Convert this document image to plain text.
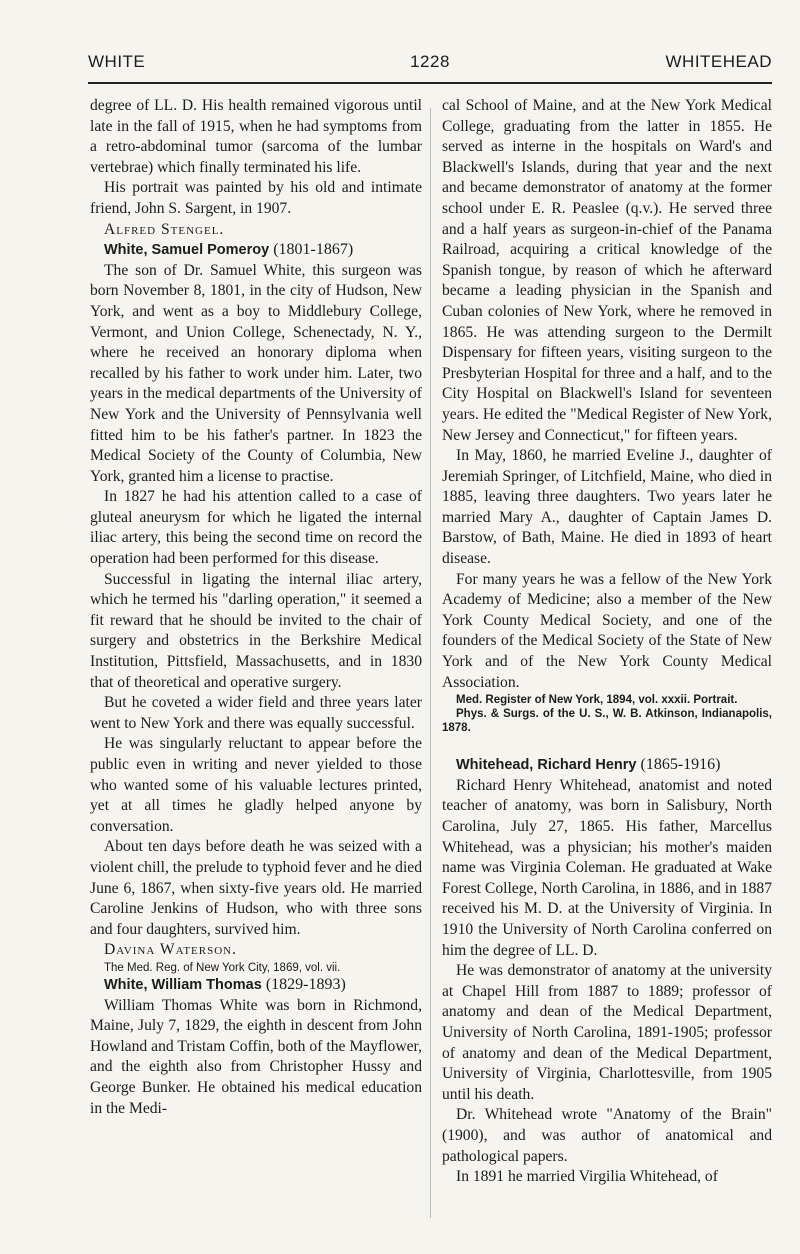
WHITE	1228	WHITEHEAD

degree of LL. D. His health remained vigorous until late in the fall of 1915, when he had symptoms from a retro-abdominal tumor (sarcoma of the lumbar vertebrae) which finally terminated his life.

His portrait was painted by his old and intimate friend, John S. Sargent, in 1907.

Alfred Stengel.

White, Samuel Pomeroy (1801-1867)

The son of Dr. Samuel White, this surgeon was born November 8, 1801, in the city of Hudson, New York, and went as a boy to Middlebury College, Vermont, and Union College, Schenectady, N. Y., where he received an honorary diploma when recalled by his father to work under him. Later, two years in the medical departments of the University of New York and the University of Pennsylvania well fitted him to be his father's partner. In 1823 the Medical Society of the County of Columbia, New York, granted him a license to practise.

In 1827 he had his attention called to a case of gluteal aneurysm for which he ligated the internal iliac artery, this being the second time on record the operation had been performed for this disease.

Successful in ligating the internal iliac artery, which he termed his "darling operation," it seemed a fit reward that he should be invited to the chair of surgery and obstetrics in the Berkshire Medical Institution, Pittsfield, Massachusetts, and in 1830 that of theoretical and operative surgery.

But he coveted a wider field and three years later went to New York and there was equally successful.

He was singularly reluctant to appear before the public even in writing and never yielded to those who wanted some of his valuable lectures printed, yet at all times he gladly helped anyone by conversation.

About ten days before death he was seized with a violent chill, the prelude to typhoid fever and he died June 6, 1867, when sixty-five years old. He married Caroline Jenkins of Hudson, who with three sons and four daughters, survived him.

Davina Waterson.

The Med. Reg. of New York City, 1869, vol. vii.

White, William Thomas (1829-1893)

William Thomas White was born in Richmond, Maine, July 7, 1829, the eighth in descent from John Howland and Tristam Coffin, both of the Mayflower, and the eighth also from Christopher Hussy and George Bunker. He obtained his medical education in the Medi-

cal School of Maine, and at the New York Medical College, graduating from the latter in 1855. He served as interne in the hospitals on Ward's and Blackwell's Islands, during that year and the next and became demonstrator of anatomy at the former school under E. R. Peaslee (q.v.). He served three and a half years as surgeon-in-chief of the Panama Railroad, acquiring a critical knowledge of the Spanish tongue, by reason of which he afterward became a leading physician in the Spanish and Cuban colonies of New York, where he removed in 1865. He was attending surgeon to the Dermilt Dispensary for fifteen years, visiting surgeon to the Presbyterian Hospital for three and a half, and to the City Hospital on Blackwell's Island for seventeen years. He edited the "Medical Register of New York, New Jersey and Connecticut," for fifteen years.

In May, 1860, he married Eveline J., daughter of Jeremiah Springer, of Litchfield, Maine, who died in 1885, leaving three daughters. Two years later he married Mary A., daughter of Captain James D. Barstow, of Bath, Maine. He died in 1893 of heart disease.

For many years he was a fellow of the New York Academy of Medicine; also a member of the New York County Medical Society, and one of the founders of the Medical Society of the State of New York and of the New York County Medical Association.

Med. Register of New York, 1894, vol. xxxii. Portrait.

Phys. & Surgs. of the U. S., W. B. Atkinson, Indianapolis, 1878.

Whitehead, Richard Henry (1865-1916)

Richard Henry Whitehead, anatomist and noted teacher of anatomy, was born in Salisbury, North Carolina, July 27, 1865. His father, Marcellus Whitehead, was a physician; his mother's maiden name was Virginia Coleman. He graduated at Wake Forest College, North Carolina, in 1886, and in 1887 received his M. D. at the University of Virginia. In 1910 the University of North Carolina conferred on him the degree of LL. D.

He was demonstrator of anatomy at the university at Chapel Hill from 1887 to 1889; professor of anatomy and dean of the Medical Department, University of North Carolina, 1891-1905; professor of anatomy and dean of the Medical Department, University of Virginia, Charlottesville, from 1905 until his death.

Dr. Whitehead wrote "Anatomy of the Brain" (1900), and was author of anatomical and pathological papers.

In 1891 he married Virgilia Whitehead, of
